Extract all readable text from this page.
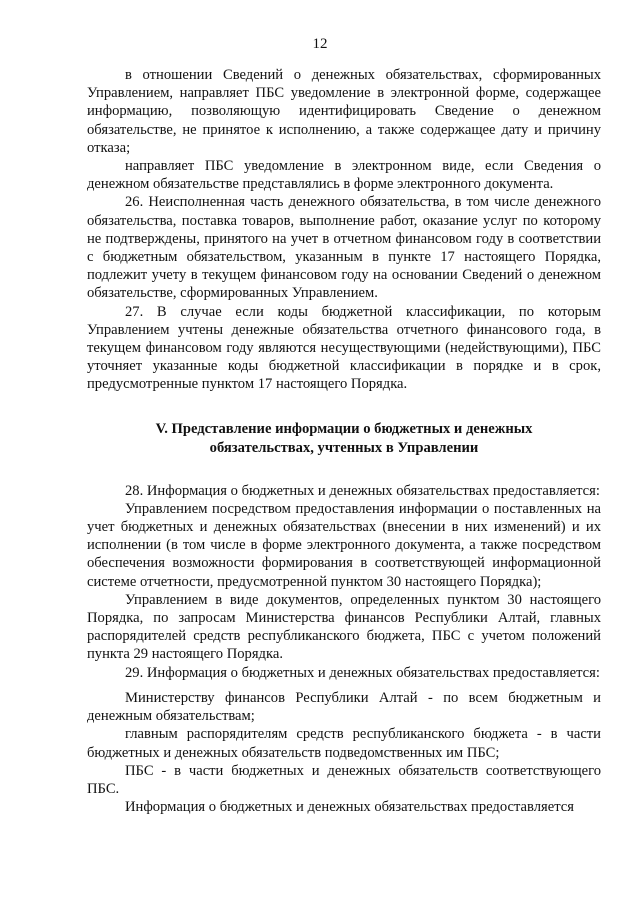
12

в отношении Сведений о денежных обязательствах, сформированных Управлением, направляет ПБС уведомление в электронной форме, содержащее информацию, позволяющую идентифицировать Сведение о денежном обязательстве, не принятое к исполнению, а также содержащее дату и причину отказа;

направляет ПБС уведомление в электронном виде, если Сведения о денежном обязательстве представлялись в форме электронного документа.

26. Неисполненная часть денежного обязательства, в том числе денежного обязательства, поставка товаров, выполнение работ, оказание услуг по которому не подтверждены, принятого на учет в отчетном финансовом году в соответствии с бюджетным обязательством, указанным в пункте 17 настоящего Порядка, подлежит учету в текущем финансовом году на основании Сведений о денежном обязательстве, сформированных Управлением.

27. В случае если коды бюджетной классификации, по которым Управлением учтены денежные обязательства отчетного финансового года, в текущем финансовом году являются несуществующими (недействующими), ПБС уточняет указанные коды бюджетной классификации в порядке и в срок, предусмотренные пунктом 17 настоящего Порядка.

V. Представление информации о бюджетных и денежных
обязательствах, учтенных в Управлении

28. Информация о бюджетных и денежных обязательствах предоставляется:

Управлением посредством предоставления информации о поставленных на учет бюджетных и денежных обязательствах (внесении в них изменений) и их исполнении (в том числе в форме электронного документа, а также посредством обеспечения возможности формирования в соответствующей информационной системе отчетности, предусмотренной пунктом 30 настоящего Порядка);

Управлением в виде документов, определенных пунктом 30 настоящего Порядка, по запросам Министерства финансов Республики Алтай, главных распорядителей средств республиканского бюджета, ПБС с учетом положений пункта 29 настоящего Порядка.

29. Информация о бюджетных и денежных обязательствах предоставляется:

Министерству финансов Республики Алтай - по всем бюджетным и денежным обязательствам;

главным распорядителям средств республиканского бюджета - в части бюджетных и денежных обязательств подведомственных им ПБС;

ПБС - в части бюджетных и денежных обязательств соответствующего ПБС.

Информация о бюджетных и денежных обязательствах предоставляется
